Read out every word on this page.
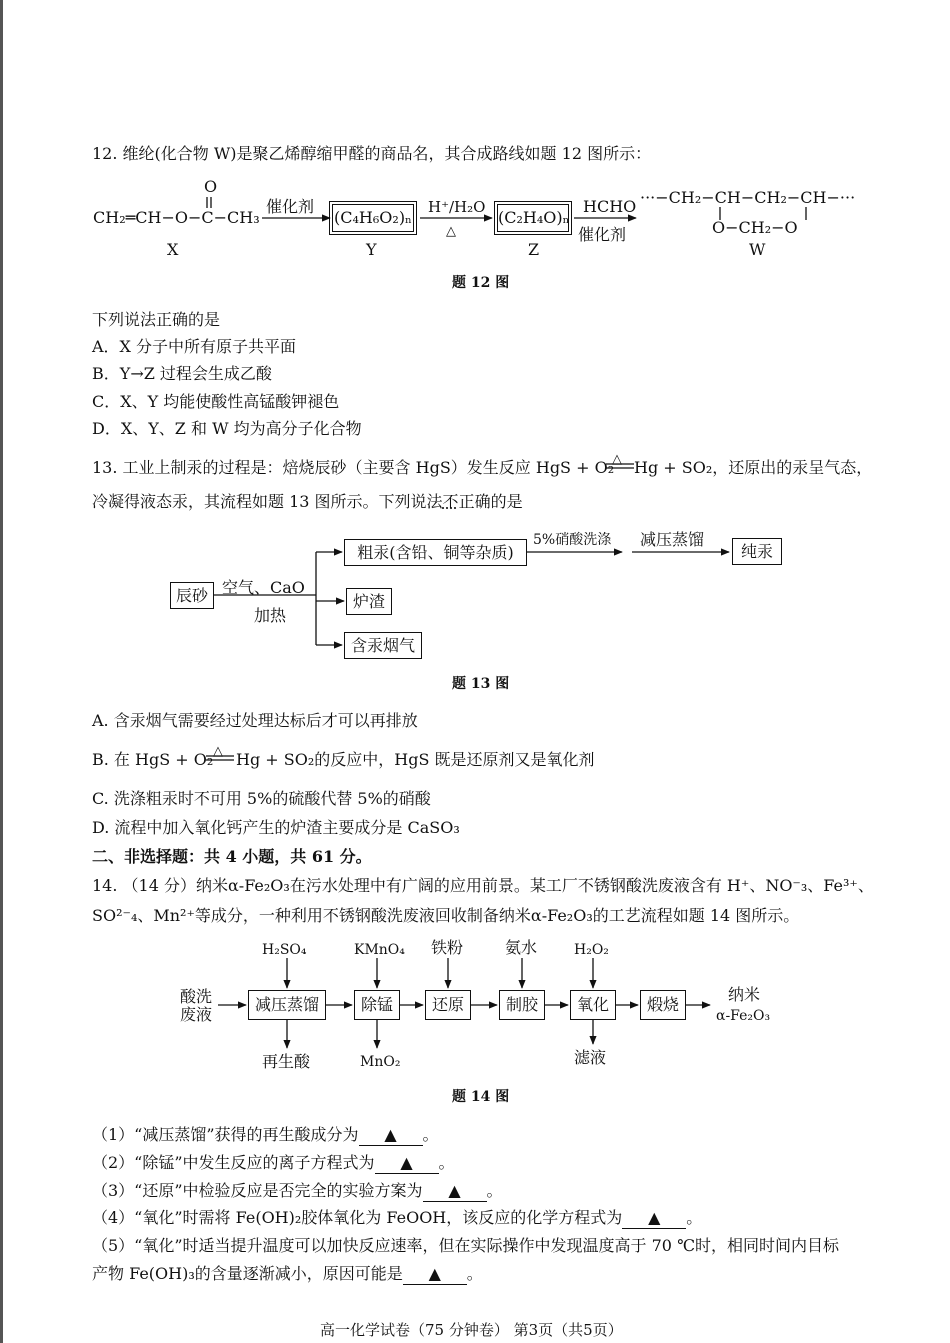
12. 维纶(化合物 W)是聚乙烯醇缩甲醛的商品名，其合成路线如题 12 图所示：
O
CH₂═CH−O−C−CH₃
X
催化剂
(C₄H₆O₂)ₙ
Y
H⁺/H₂O
△
(C₂H₄O)ₙ
Z
HCHO
催化剂
···−CH₂−CH−CH₂−CH−···
O−CH₂−O
W
题 12 图
下列说法正确的是
A．X 分子中所有原子共平面
B．Y→Z 过程会生成乙酸
C．X、Y 均能使酸性高锰酸钾褪色
D．X、Y、Z 和 W 均为高分子化合物
13. 工业上制汞的过程是：焙烧辰砂（主要含 HgS）发生反应 HgS + O₂
△ Hg + SO₂，还原出的汞呈气态，
冷凝得液态汞，其流程如题 13 图所示。下列说法不正确的是
辰砂 空气、CaO
加热
粗汞(含铅、铜等杂质)
5%硝酸洗涤 减压蒸馏
纯汞
炉渣
含汞烟气
题 13 图
A. 含汞烟气需要经过处理达标后才可以再排放
B. 在 HgS + O₂ △ Hg + SO₂的反应中，HgS 既是还原剂又是氧化剂
C. 洗涤粗汞时不可用 5%的硫酸代替 5%的硝酸
D. 流程中加入氧化钙产生的炉渣主要成分是 CaSO₃
二、非选择题：共 4 小题，共 61 分。
14. （14 分）纳米α-Fe₂O₃在污水处理中有广阔的应用前景。某工厂不锈钢酸洗废液含有 H⁺、NO⁻₃、Fe³⁺、
SO²⁻₄、Mn²⁺等成分，一种利用不锈钢酸洗废液回收制备纳米α-Fe₂O₃的工艺流程如题 14 图所示。
H₂SO₄	KMnO₄ 铁粉	氨水	H₂O₂
酸洗
废液
减压蒸馏	除锰	还原	制胶	氧化	煅烧
纳米
α-Fe₂O₃
再生酸	MnO₂	滤液
题 14 图
（1）“减压蒸馏”获得的再生酸成分为 ▲ 。
（2）“除锰”中发生反应的离子方程式为 ▲ 。
（3）“还原”中检验反应是否完全的实验方案为 ▲ 。
（4）“氧化”时需将 Fe(OH)₂胶体氧化为 FeOOH，该反应的化学方程式为 ▲ 。
（5）“氧化”时适当提升温度可以加快反应速率，但在实际操作中发现温度高于 70 ℃时，相同时间内目标
产物 Fe(OH)₃的含量逐渐减小，原因可能是 ▲ 。
高一化学试卷（75 分钟卷） 第3页（共5页）
